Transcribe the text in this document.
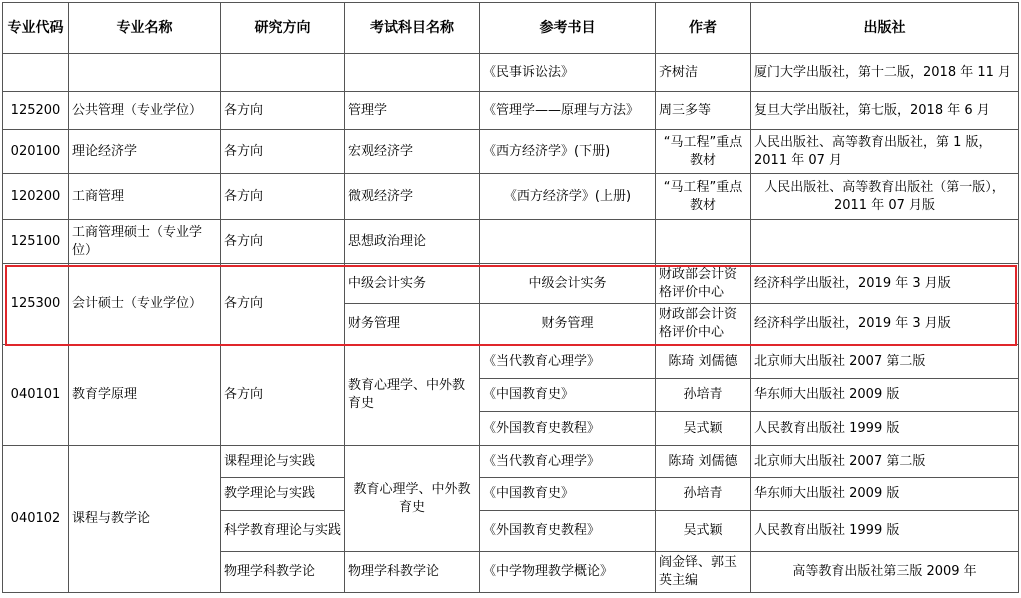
专业代码	专业名称	研究方向	考试科目名称	参考书目	作者	出版社
				《民事诉讼法》	齐树洁	厦门大学出版社，第十二版，2018 年 11 月
125200	公共管理（专业学位）	各方向	管理学	《管理学——原理与方法》	周三多等	复旦大学出版社，第七版，2018 年 6 月
020100	理论经济学	各方向	宏观经济学	《西方经济学》(下册)	“马工程”重点教材	人民出版社、高等教育出版社，第 1 版，2011 年 07 月
120200	工商管理	各方向	微观经济学	《西方经济学》(上册)	“马工程”重点教材	人民出版社、高等教育出版社（第一版），2011 年 07 月版
125100	工商管理硕士（专业学位）	各方向	思想政治理论			
125300	会计硕士（专业学位）	各方向	中级会计实务	中级会计实务	财政部会计资格评价中心	经济科学出版社，2019 年 3 月版
			财务管理	财务管理	财政部会计资格评价中心	经济科学出版社，2019 年 3 月版
040101	教育学原理	各方向	教育心理学、中外教育史	《当代教育心理学》	陈琦 刘儒德	北京师大出版社 2007 第二版
				《中国教育史》	孙培青	华东师大出版社 2009 版
				《外国教育史教程》	吴式颖	人民教育出版社 1999 版
040102	课程与教学论	课程理论与实践	教育心理学、中外教育史	《当代教育心理学》	陈琦 刘儒德	北京师大出版社 2007 第二版
		教学理论与实践		《中国教育史》	孙培青	华东师大出版社 2009 版
		科学教育理论与实践		《外国教育史教程》	吴式颖	人民教育出版社 1999 版
		物理学科教学论	物理学科教学论	《中学物理教学概论》	阎金铎、郭玉英主编	高等教育出版社第三版 2009 年
